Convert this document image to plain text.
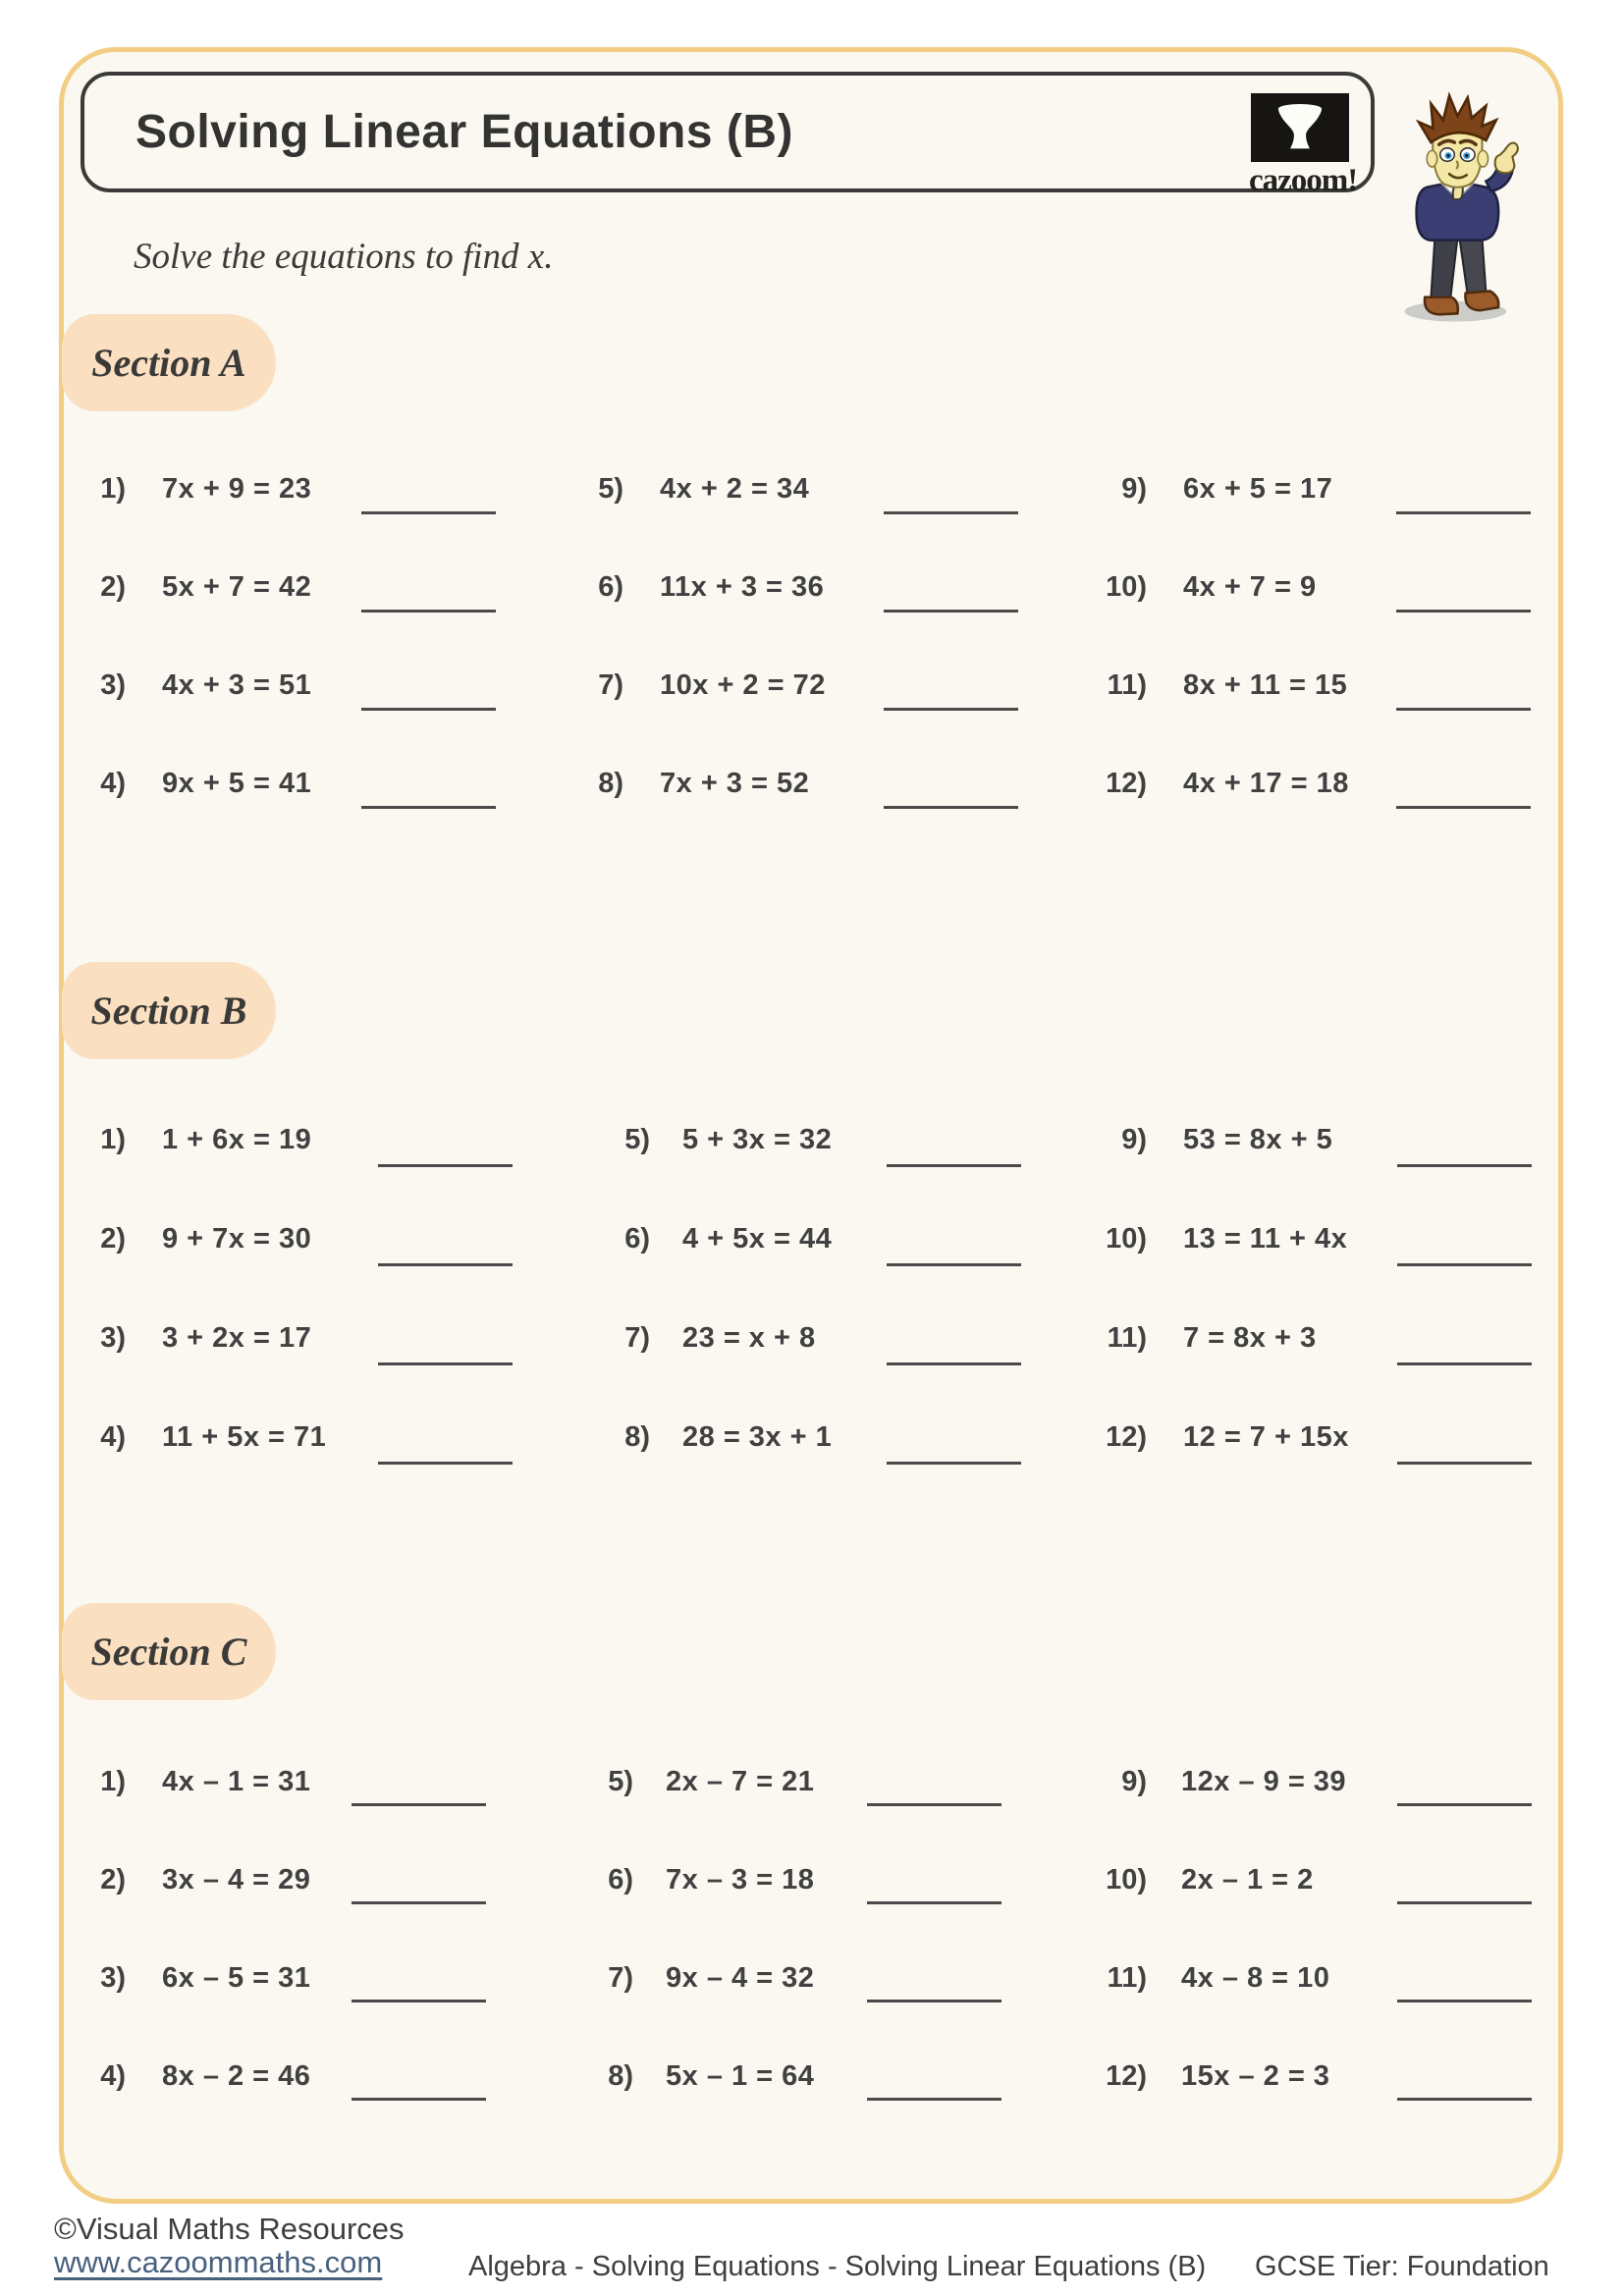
Solving Linear Equations (B)
cazoom!
Solve the equations to find x.
Section A
Section B
Section C
1) 7x + 9 = 23
2) 5x + 7 = 42
3) 4x + 3 = 51
4) 9x + 5 = 41
5) 4x + 2 = 34
6) 11x + 3 = 36
7) 10x + 2 = 72
8) 7x + 3 = 52
9) 6x + 5 = 17
10) 4x + 7 = 9
11) 8x + 11 = 15
12) 4x + 17 = 18
1) 1 + 6x = 19
2) 9 + 7x = 30
3) 3 + 2x = 17
4) 11 + 5x = 71
5) 5 + 3x = 32
6) 4 + 5x = 44
7) 23 = x + 8
8) 28 = 3x + 1
9) 53 = 8x + 5
10) 13 = 11 + 4x
11) 7 = 8x + 3
12) 12 = 7 + 15x
1) 4x – 1 = 31
2) 3x – 4 = 29
3) 6x – 5 = 31
4) 8x – 2 = 46
5) 2x – 7 = 21
6) 7x – 3 = 18
7) 9x – 4 = 32
8) 5x – 1 = 64
9) 12x – 9 = 39
10) 2x – 1 = 2
11) 4x – 8 = 10
12) 15x – 2 = 3
©Visual Maths Resources
www.cazoommaths.com	Algebra - Solving Equations - Solving Linear Equations (B) GCSE Tier: Foundation
